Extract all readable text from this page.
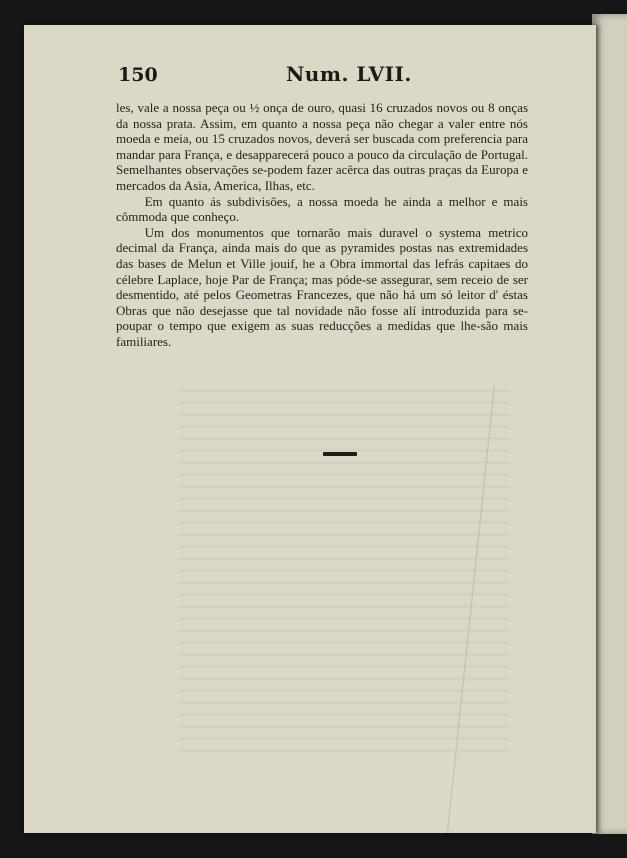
150	Num. LVII.

les, vale a nossa peça ou ½ onça de ouro, quasi 16 cruzados novos ou 8 onças da nossa prata. Assim, em quanto a nossa peça não chegar a valer entre nós moeda e meia, ou 15 cruzados novos, deverá ser buscada com preferencia para mandar para França, e desapparecerá pouco a pouco da circulação de Portugal. Semelhantes observações se-podem fazer acêrca das outras praças da Europa e mercados da Asia, America, Ilhas, etc.

Em quanto ás subdivisões, a nossa moeda he ainda a melhor e mais cômmoda que conheço.

Um dos monumentos que tornarão mais duravel o systema metrico decimal da França, ainda mais do que as pyramides postas nas extremidades das bases de Melun et Ville jouif, he a Obra immortal das lefrás capitaes do célebre Laplace, hoje Par de França; mas póde-se assegurar, sem receio de ser desmentido, até pelos Geometras Francezes, que não há um só leitor d' éstas Obras que não desejasse que tal novidade não fosse alí introduzida para se-poupar o tempo que exigem as suas reducções a medidas que lhe-são mais familiares.
